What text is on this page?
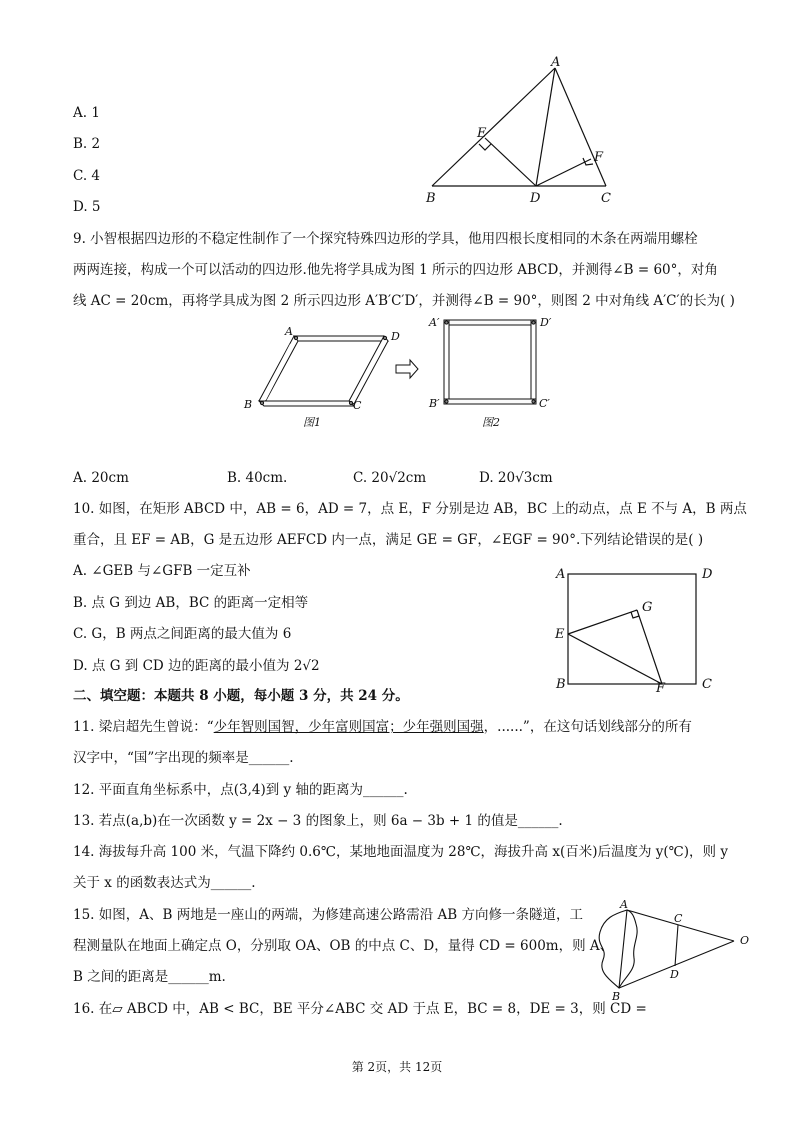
A. 1
B. 2
C. 4
D. 5
A
E
F
B	D	C
9. 小智根据四边形的不稳定性制作了一个探究特殊四边形的学具，他用四根长度相同的木条在两端用螺栓
两两连接，构成一个可以活动的四边形.他先将学具成为图 1 所示的四边形 ABCD，并测得∠B = 60°，对角
线 AC = 20cm，再将学具成为图 2 所示四边形 A′B′C′D′，并测得∠B = 90°，则图 2 中对角线 A′C′的长为( )
A	D
B	C
图1
A′	D′
B′	C′
图2
A. 20cm	B. 40cm.	C. 20√2cm	D. 20√3cm
10. 如图，在矩形 ABCD 中，AB = 6，AD = 7，点 E，F 分别是边 AB，BC 上的动点，点 E 不与 A，B 两点
重合，且 EF = AB，G 是五边形 AEFCD 内一点，满足 GE = GF，∠EGF = 90°.下列结论错误的是( )
A. ∠GEB 与∠GFB 一定互补
B. 点 G 到边 AB，BC 的距离一定相等
C. G，B 两点之间距离的最大值为 6
D. 点 G 到 CD 边的距离的最小值为 2√2
A	D
G
E
B	F	C
二、填空题：本题共 8 小题，每小题 3 分，共 24 分。
11. 梁启超先生曾说：“少年智则国智，少年富则国富；少年强则国强，......”，在这句话划线部分的所有
汉字中，“国”字出现的频率是______.
12. 平面直角坐标系中，点(3,4)到 y 轴的距离为______.
13. 若点(a,b)在一次函数 y = 2x − 3 的图象上，则 6a − 3b + 1 的值是______.
14. 海拔每升高 100 米，气温下降约 0.6℃，某地地面温度为 28℃，海拔升高 x(百米)后温度为 y(℃)，则 y
关于 x 的函数表达式为______.
15. 如图，A、B 两地是一座山的两端，为修建高速公路需沿 AB 方向修一条隧道，工
程测量队在地面上确定点 O，分别取 OA、OB 的中点 C、D，量得 CD = 600m，则 A、
B 之间的距离是______m.
A
C
O
D
B
16. 在▱ ABCD 中，AB < BC，BE 平分∠ABC 交 AD 于点 E，BC = 8，DE = 3，则 CD =
第 2页，共 12页
